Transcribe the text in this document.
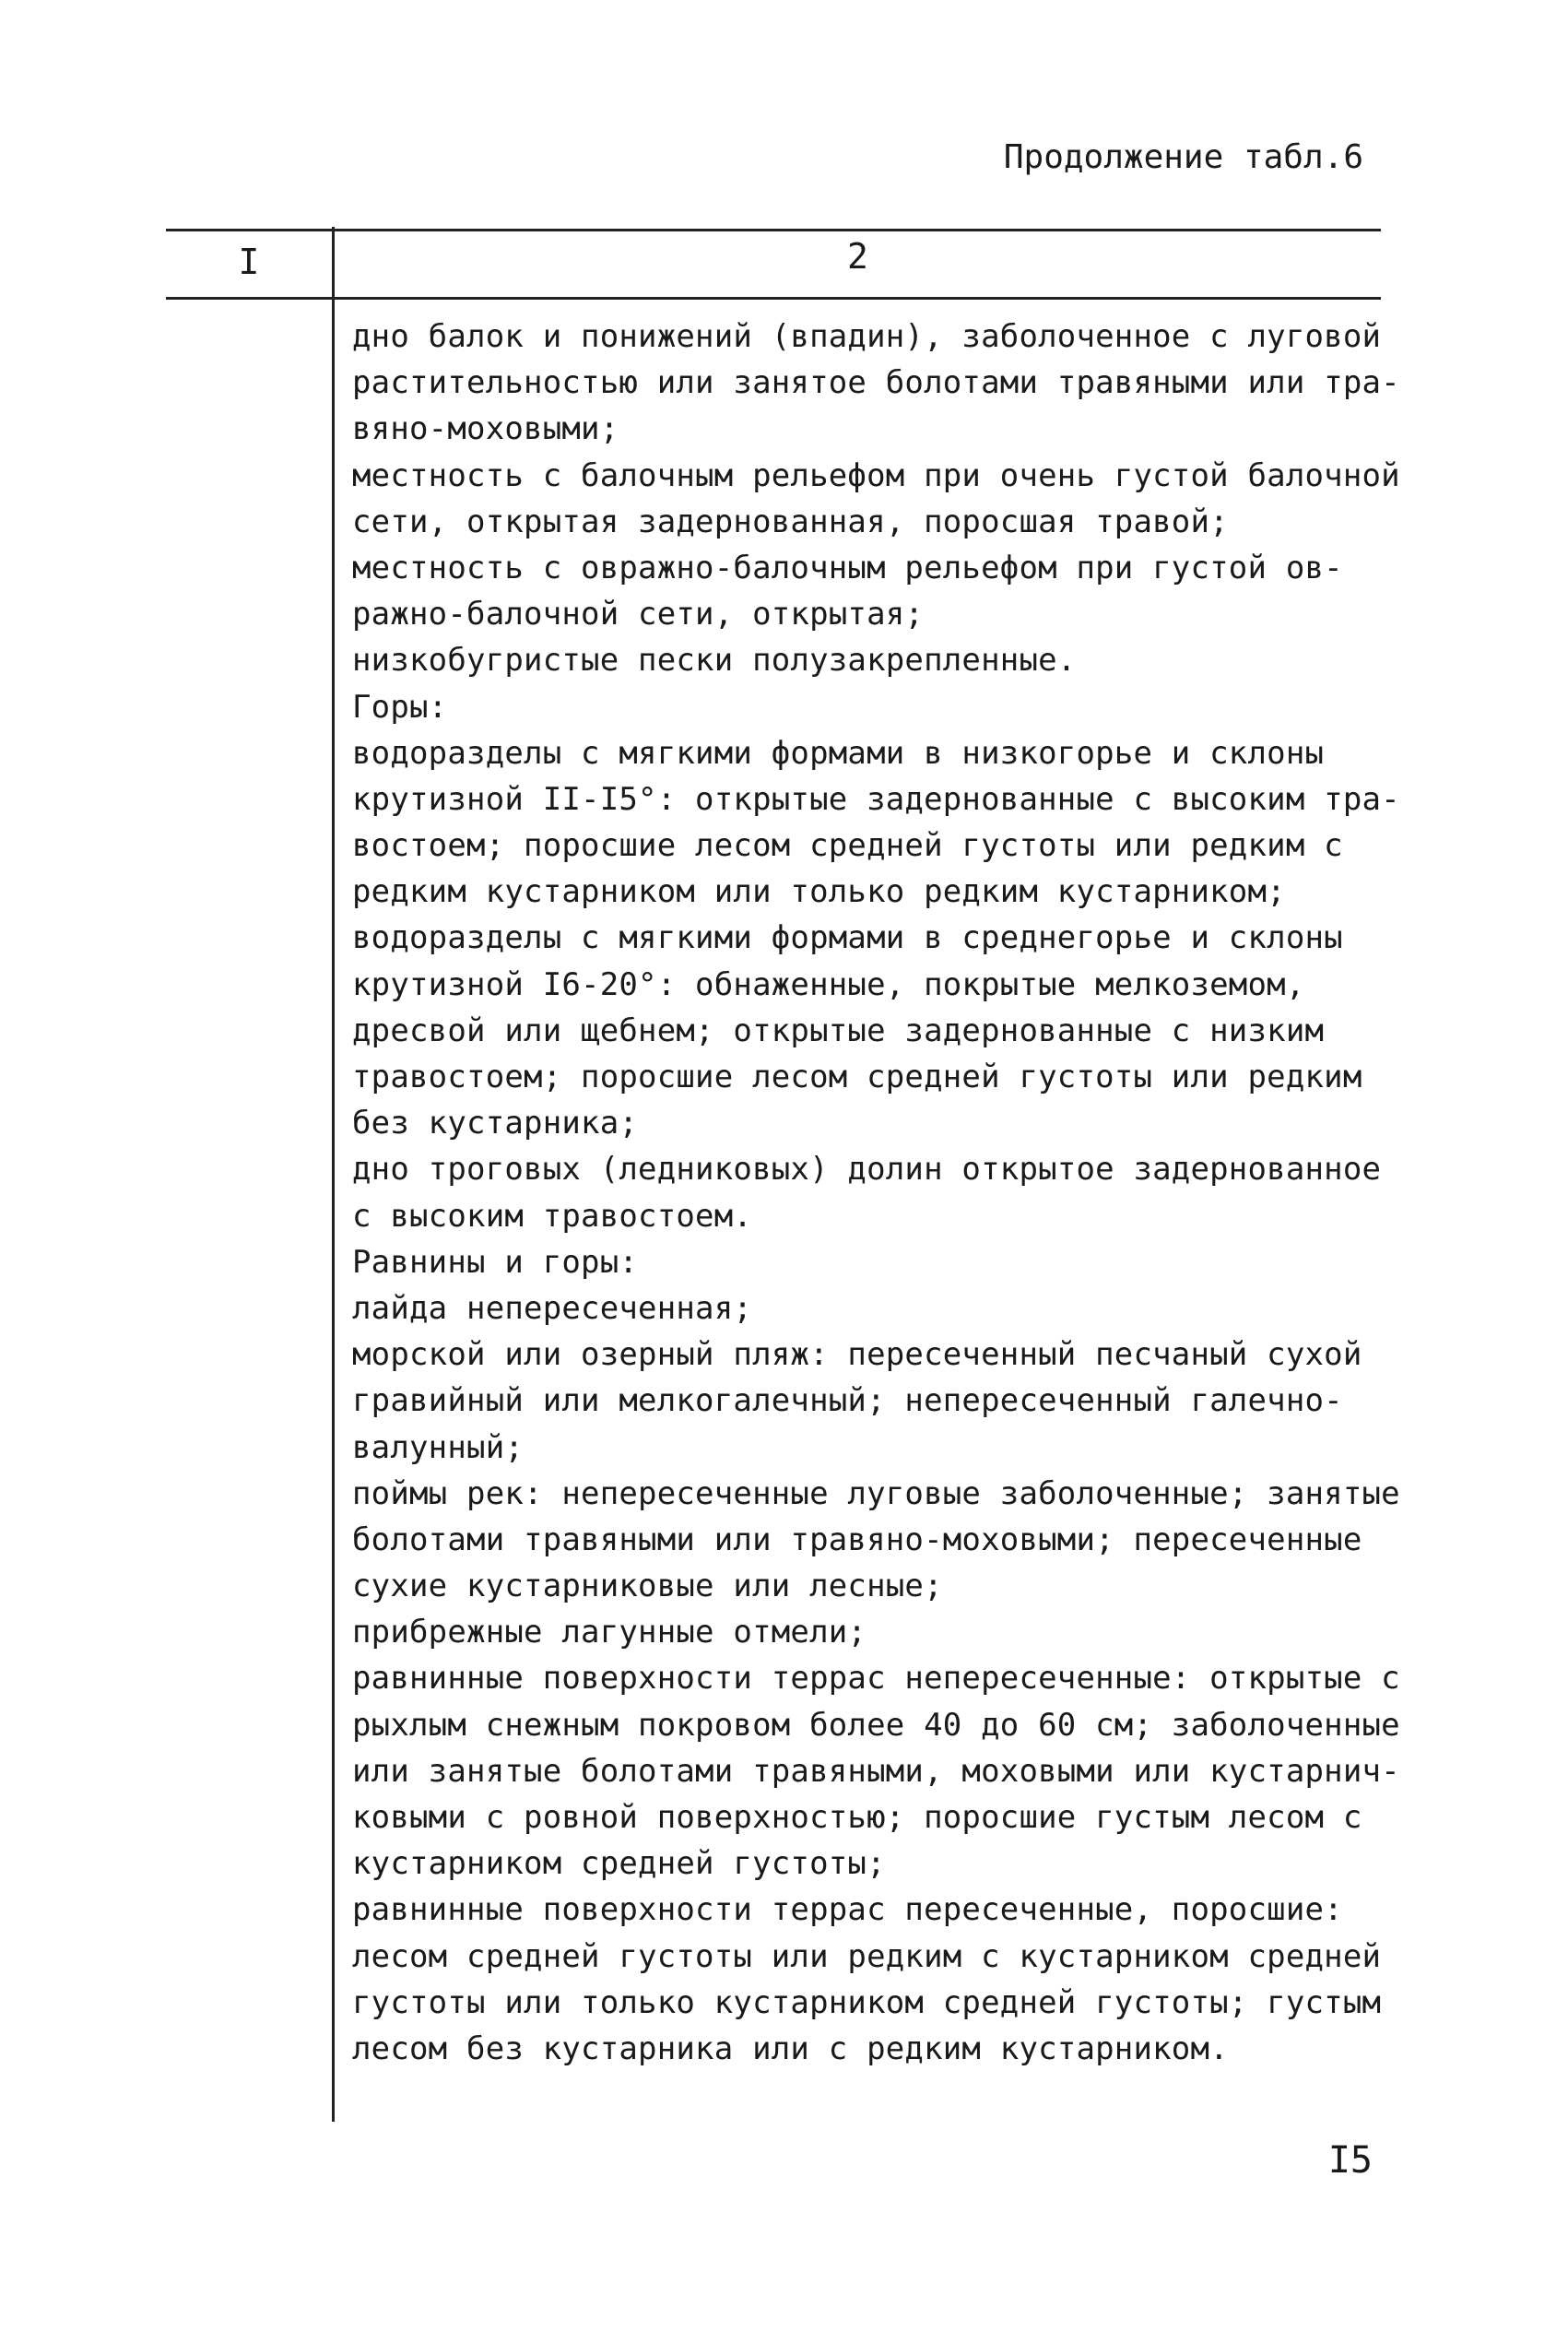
Продолжение табл.6
I	2
дно балок и понижений (впадин), заболоченное с луговой
растительностью или занятое болотами травяными или тра-
вяно-моховыми;
местность с балочным рельефом при очень густой балочной
сети, открытая задернованная, поросшая травой;
местность с овражно-балочным рельефом при густой ов-
ражно-балочной сети, открытая;
низкобугристые пески полузакрепленные.
Горы:
водоразделы с мягкими формами в низкогорье и склоны
крутизной II-I5°: открытые задернованные с высоким тра-
востоем; поросшие лесом средней густоты или редким с
редким кустарником или только редким кустарником;
водоразделы с мягкими формами в среднегорье и склоны
крутизной I6-20°: обнаженные, покрытые мелкоземом,
дресвой или щебнем; открытые задернованные с низким
травостоем; поросшие лесом средней густоты или редким
без кустарника;
дно троговых (ледниковых) долин открытое задернованное
с высоким травостоем.
Равнины и горы:
лайда непересеченная;
морской или озерный пляж: пересеченный песчаный сухой
гравийный или мелкогалечный; непересеченный галечно-
валунный;
поймы рек: непересеченные луговые заболоченные; занятые
болотами травяными или травяно-моховыми; пересеченные
сухие кустарниковые или лесные;
прибрежные лагунные отмели;
равнинные поверхности террас непересеченные: открытые с
рыхлым снежным покровом более 40 до 60 см; заболоченные
или занятые болотами травяными, моховыми или кустарнич-
ковыми с ровной поверхностью; поросшие густым лесом с
кустарником средней густоты;
равнинные поверхности террас пересеченные, поросшие:
лесом средней густоты или редким с кустарником средней
густоты или только кустарником средней густоты; густым
лесом без кустарника или с редким кустарником.
I5
